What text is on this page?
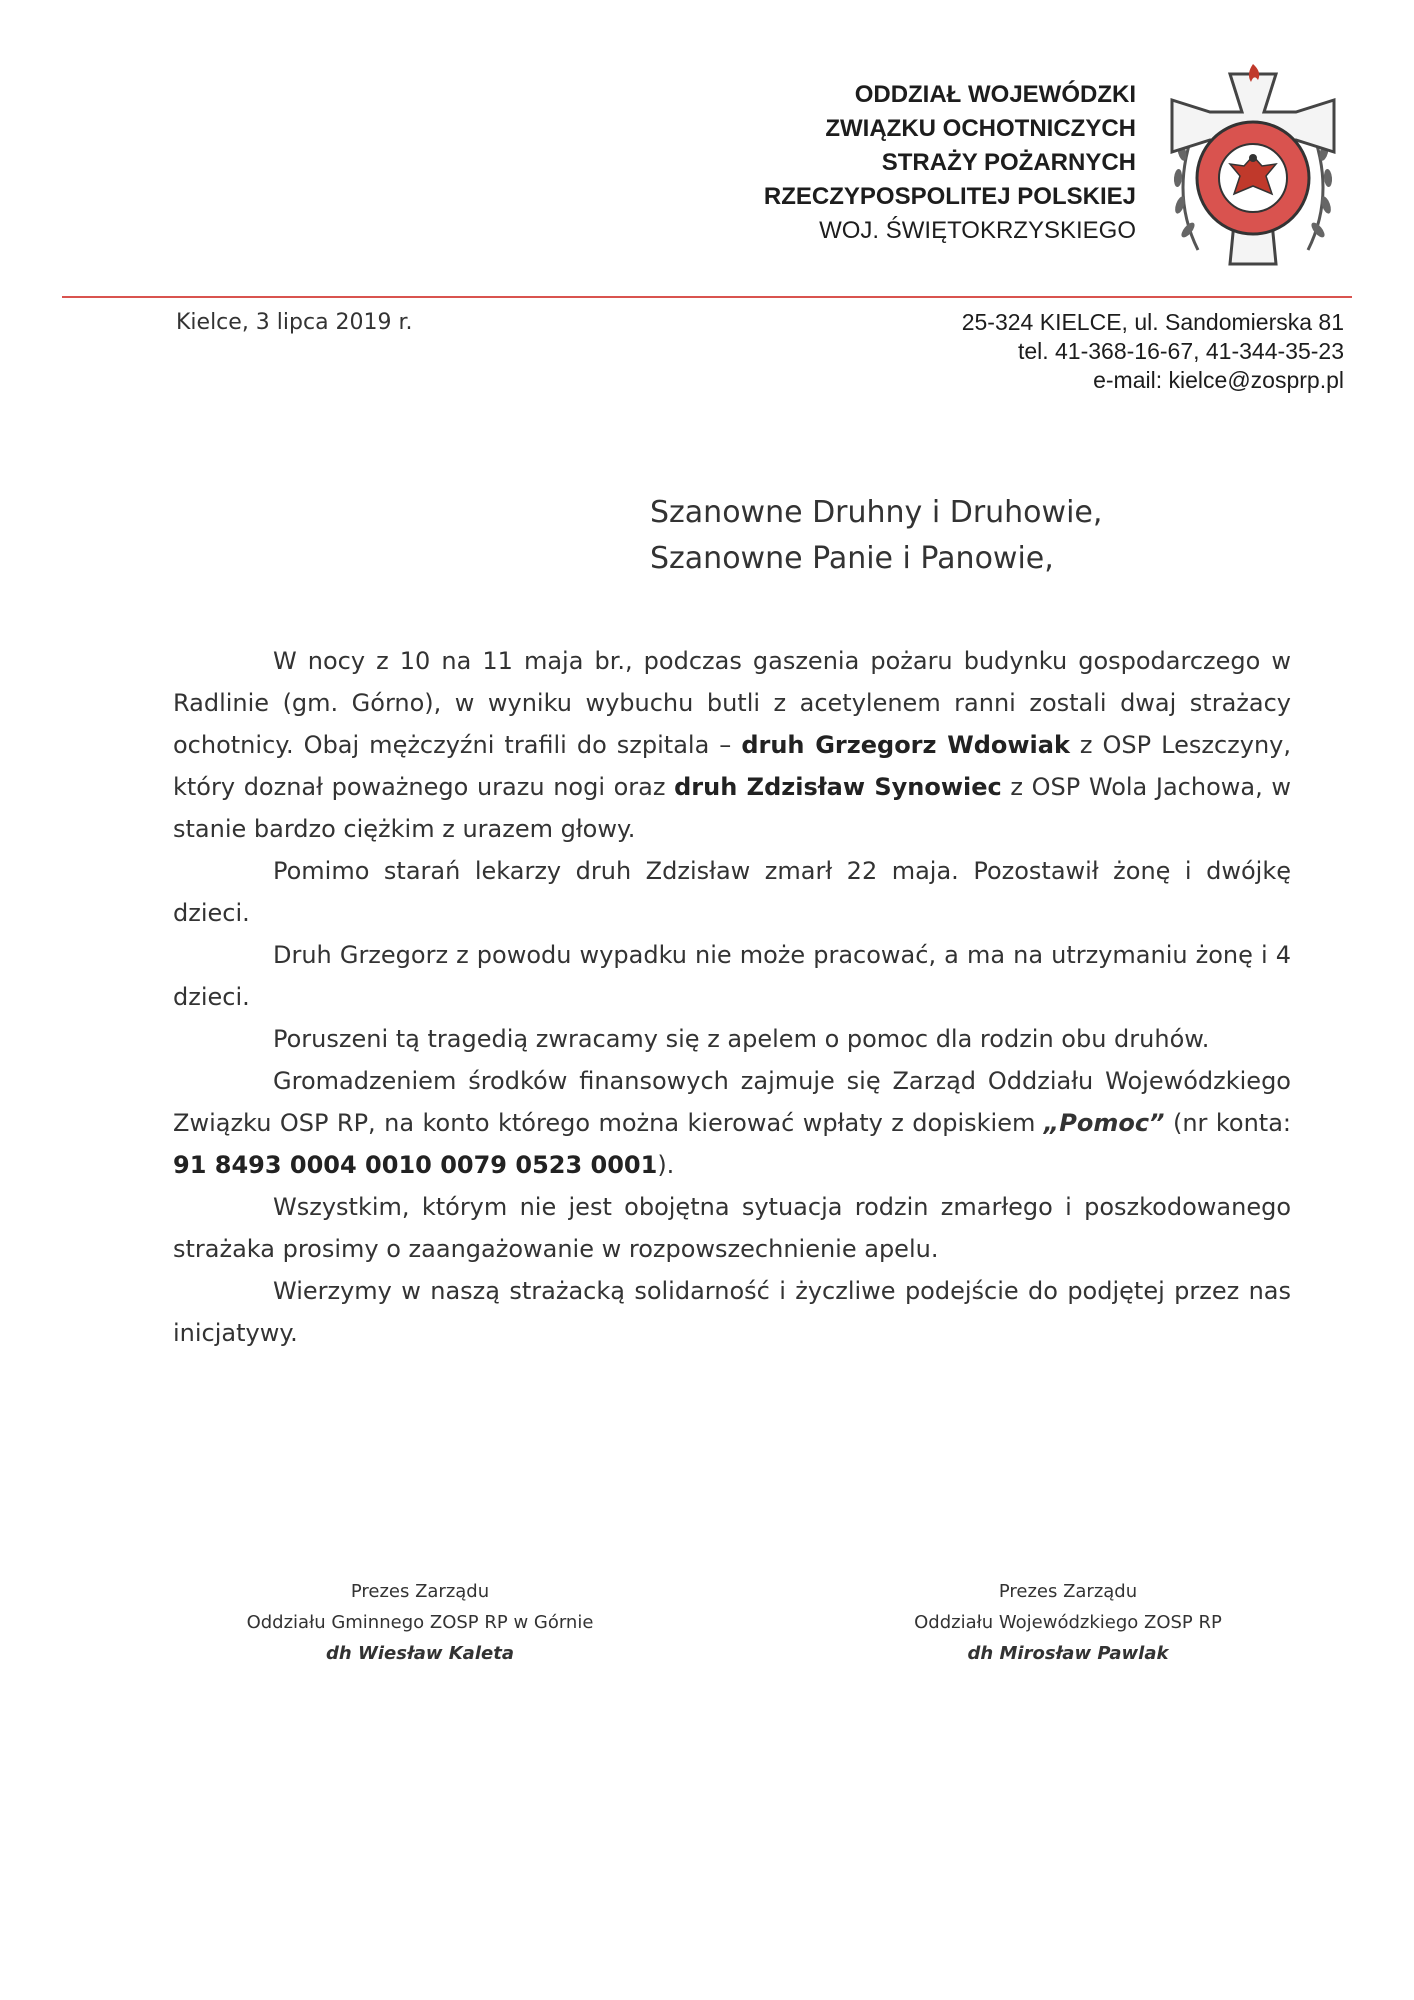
ODDZIAŁ WOJEWÓDZKI
ZWIĄZKU OCHOTNICZYCH
STRAŻY POŻARNYCH
RZECZYPOSPOLITEJ POLSKIEJ
WOJ. ŚWIĘTOKRZYSKIEGO
Kielce, 3 lipca 2019 r.	25-324 KIELCE, ul. Sandomierska 81
tel. 41-368-16-67, 41-344-35-23
e-mail: kielce@zosprp.pl
Szanowne Druhny i Druhowie,
Szanowne Panie i Panowie,

W nocy z 10 na 11 maja br., podczas gaszenia pożaru budynku gospodarczego w Radlinie (gm. Górno), w wyniku wybuchu butli z acetylenem ranni zostali dwaj strażacy ochotnicy. Obaj mężczyźni trafili do szpitala – druh Grzegorz Wdowiak z OSP Leszczyny, który doznał poważnego urazu nogi oraz druh Zdzisław Synowiec z OSP Wola Jachowa, w stanie bardzo ciężkim z urazem głowy.

Pomimo starań lekarzy druh Zdzisław zmarł 22 maja. Pozostawił żonę i dwójkę dzieci.

Druh Grzegorz z powodu wypadku nie może pracować, a ma na utrzymaniu żonę i 4 dzieci.

Poruszeni tą tragedią zwracamy się z apelem o pomoc dla rodzin obu druhów.

Gromadzeniem środków finansowych zajmuje się Zarząd Oddziału Wojewódzkiego Związku OSP RP, na konto którego można kierować wpłaty z dopiskiem „Pomoc” (nr konta: 91 8493 0004 0010 0079 0523 0001).

Wszystkim, którym nie jest obojętna sytuacja rodzin zmarłego i poszkodowanego strażaka prosimy o zaangażowanie w rozpowszechnienie apelu.

Wierzymy w naszą strażacką solidarność i życzliwe podejście do podjętej przez nas inicjatywy.

Prezes Zarządu
Oddziału Gminnego ZOSP RP w Górnie
dh Wiesław Kaleta
Prezes Zarządu
Oddziału Wojewódzkiego ZOSP RP
dh Mirosław Pawlak
